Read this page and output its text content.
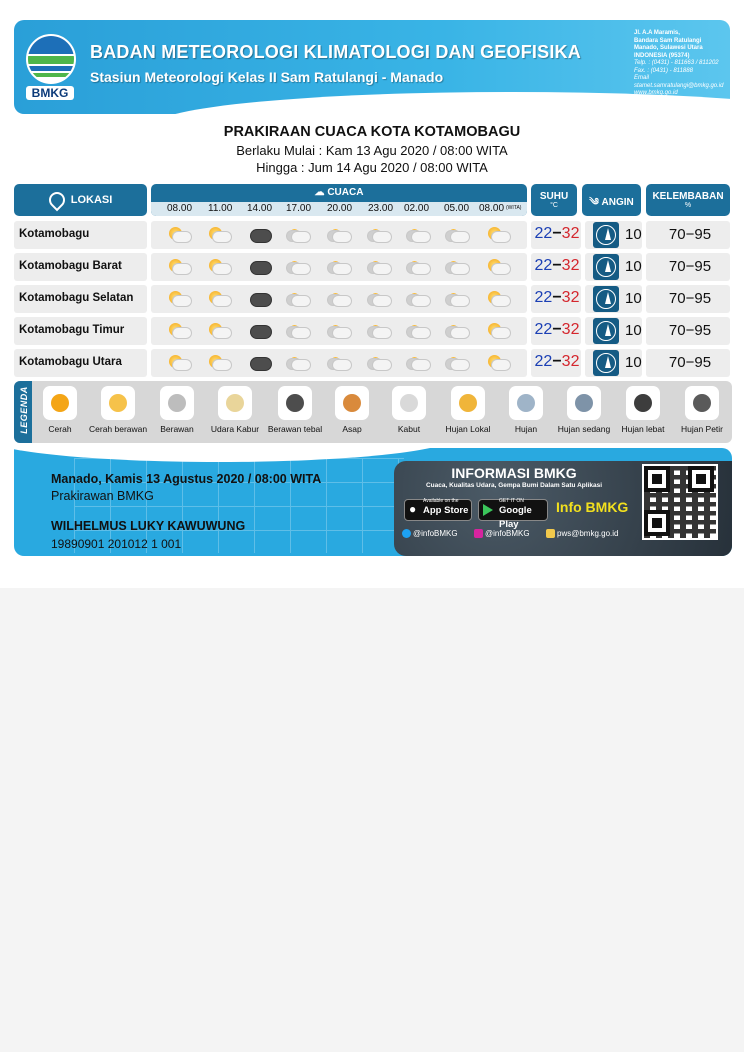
BMKG
BADAN METEOROLOGI KLIMATOLOGI DAN GEOFISIKA
Stasiun Meteorologi Kelas II Sam Ratulangi - Manado
Jl. A.A Maramis,
Bandara Sam Ratulangi
Manado, Sulawesi Utara
INDONESIA (95374)
Telp. : (0431) - 811663 / 811202
Fax. : (0431) - 811888
Email
stamet.samratulangi@bmkg.go.id
www.bmkg.go.id
PRAKIRAAN CUACA KOTA KOTAMOBAGU
Berlaku Mulai : Kam 13 Agu 2020 / 08:00 WITA
Hingga : Jum 14 Agu 2020 / 08:00 WITA
LOKASI
☁ CUACA
08.00 11.00 14.00 17.00 20.00 23.00 02.00 05.00 08.00 (WITA)
SUHU
°C	༄ ANGIN
KELEMBABAN
%
Kotamobagu	22−32	10	70−95
Kotamobagu Barat	22−32	10	70−95
Kotamobagu Selatan	22−32	10	70−95
Kotamobagu Timur	22−32	10	70−95
Kotamobagu Utara	22−32	10	70−95
LEGENDA	Cerah	Cerah berawan	Berawan	Udara Kabur	Berawan tebal	Asap	Kabut	Hujan Lokal	Hujan	Hujan sedang	Hujan lebat	Hujan Petir
Manado, Kamis 13 Agustus 2020 / 08:00 WITA
Prakirawan BMKG
WILHELMUS LUKY KAWUWUNG
19890901 201012 1 001
INFORMASI BMKG
Cuaca, Kualitas Udara, Gempa Bumi Dalam Satu Aplikasi
●
Available on the
App Store
GET IT ON
Google Play
Info BMKG
@infoBMKG	@infoBMKG	pws@bmkg.go.id
